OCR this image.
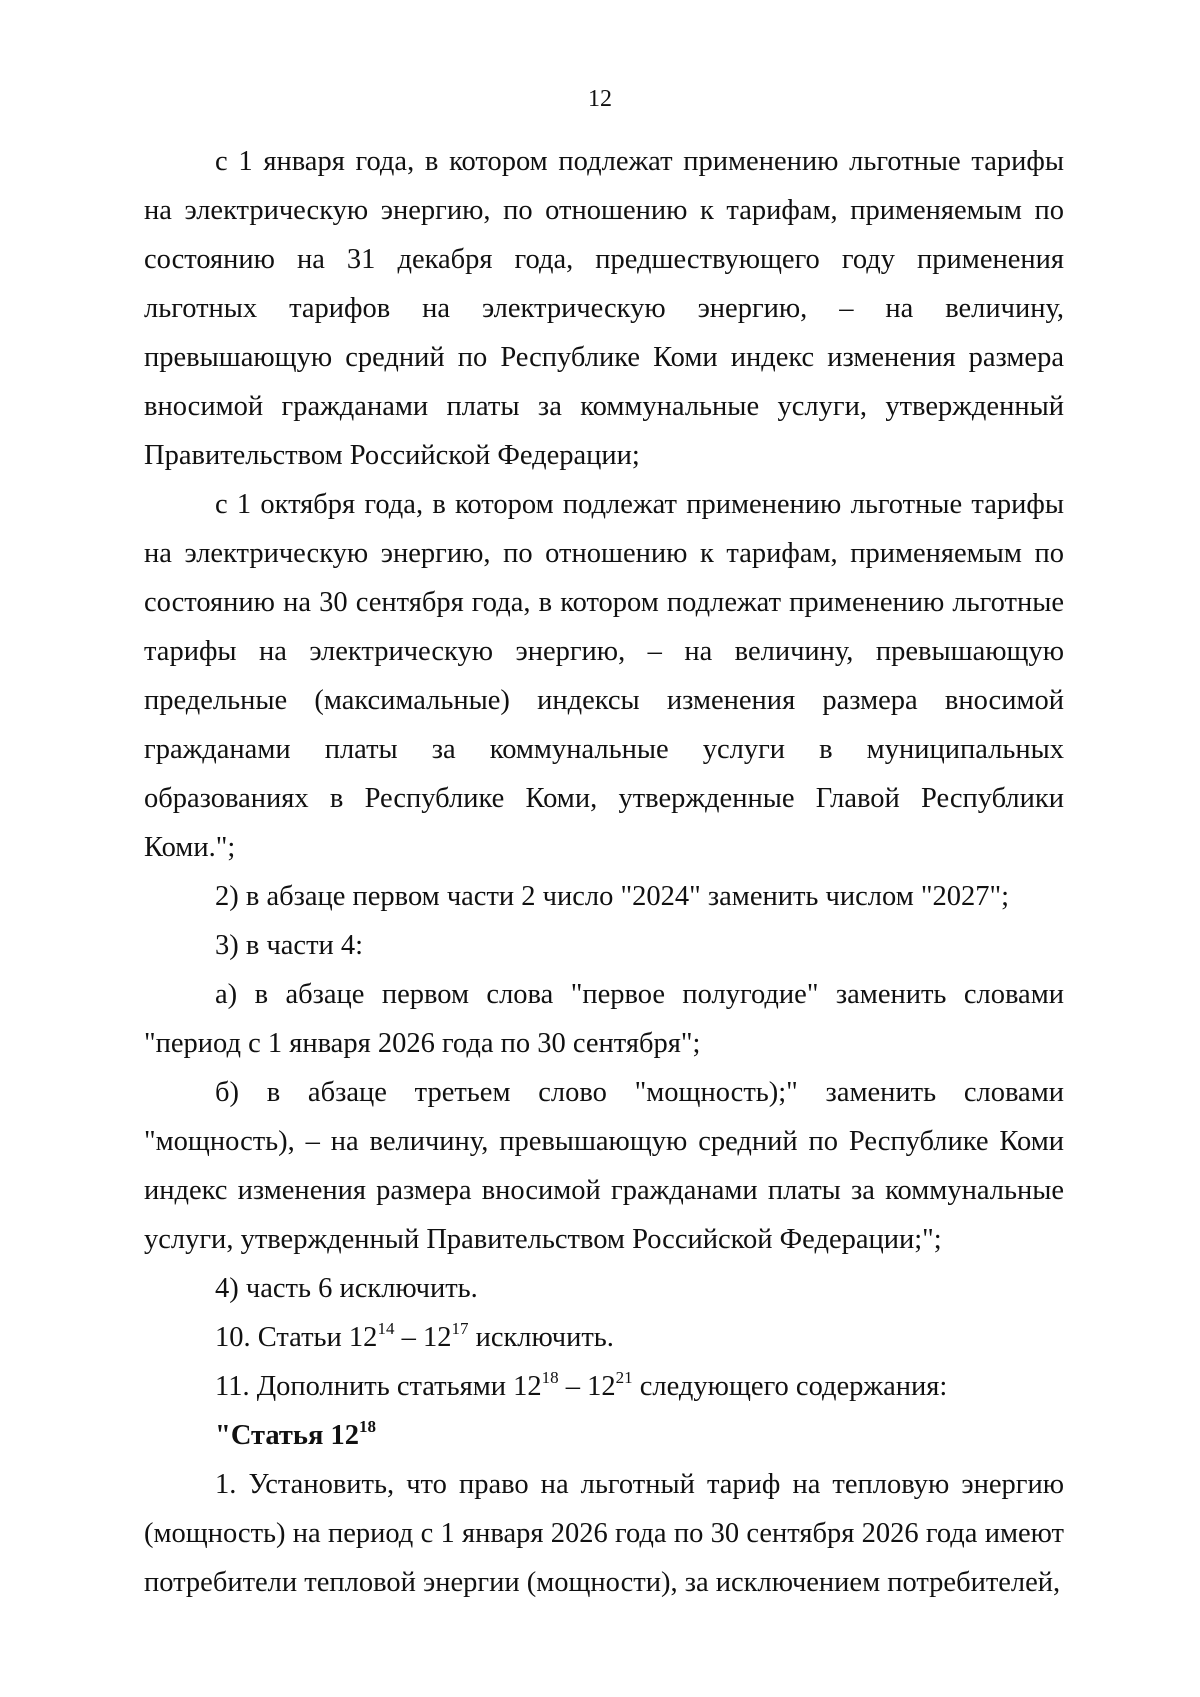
12

с 1 января года, в котором подлежат применению льготные тарифы на электрическую энергию, по отношению к тарифам, применяемым по состоянию на 31 декабря года, предшествующего году применения льготных тарифов на электрическую энергию, – на величину, превышающую средний по Республике Коми индекс изменения размера вносимой гражданами платы за коммунальные услуги, утвержденный Правительством Российской Федерации;

с 1 октября года, в котором подлежат применению льготные тарифы на электрическую энергию, по отношению к тарифам, применяемым по состоянию на 30 сентября года, в котором подлежат применению льготные тарифы на электрическую энергию, – на величину, превышающую предельные (максимальные) индексы изменения размера вносимой гражданами платы за коммунальные услуги в муниципальных образованиях в Республике Коми, утвержденные Главой Республики Коми.";

2) в абзаце первом части 2 число "2024" заменить числом "2027";

3) в части 4:

а) в абзаце первом слова "первое полугодие" заменить словами "период с 1 января 2026 года по 30 сентября";

б) в абзаце третьем слово "мощность);" заменить словами "мощность), – на величину, превышающую средний по Республике Коми индекс изменения размера вносимой гражданами платы за коммунальные услуги, утвержденный Правительством Российской Федерации;";

4) часть 6 исключить.

10. Статьи $12^{14} - 12^{17}$ исключить.

11. Дополнить статьями $12^{18} - 12^{21}$ следующего содержания:

"Статья $12^{18}$

1. Установить, что право на льготный тариф на тепловую энергию (мощность) на период с 1 января 2026 года по 30 сентября 2026 года имеют потребители тепловой энергии (мощности), за исключением потребителей,
